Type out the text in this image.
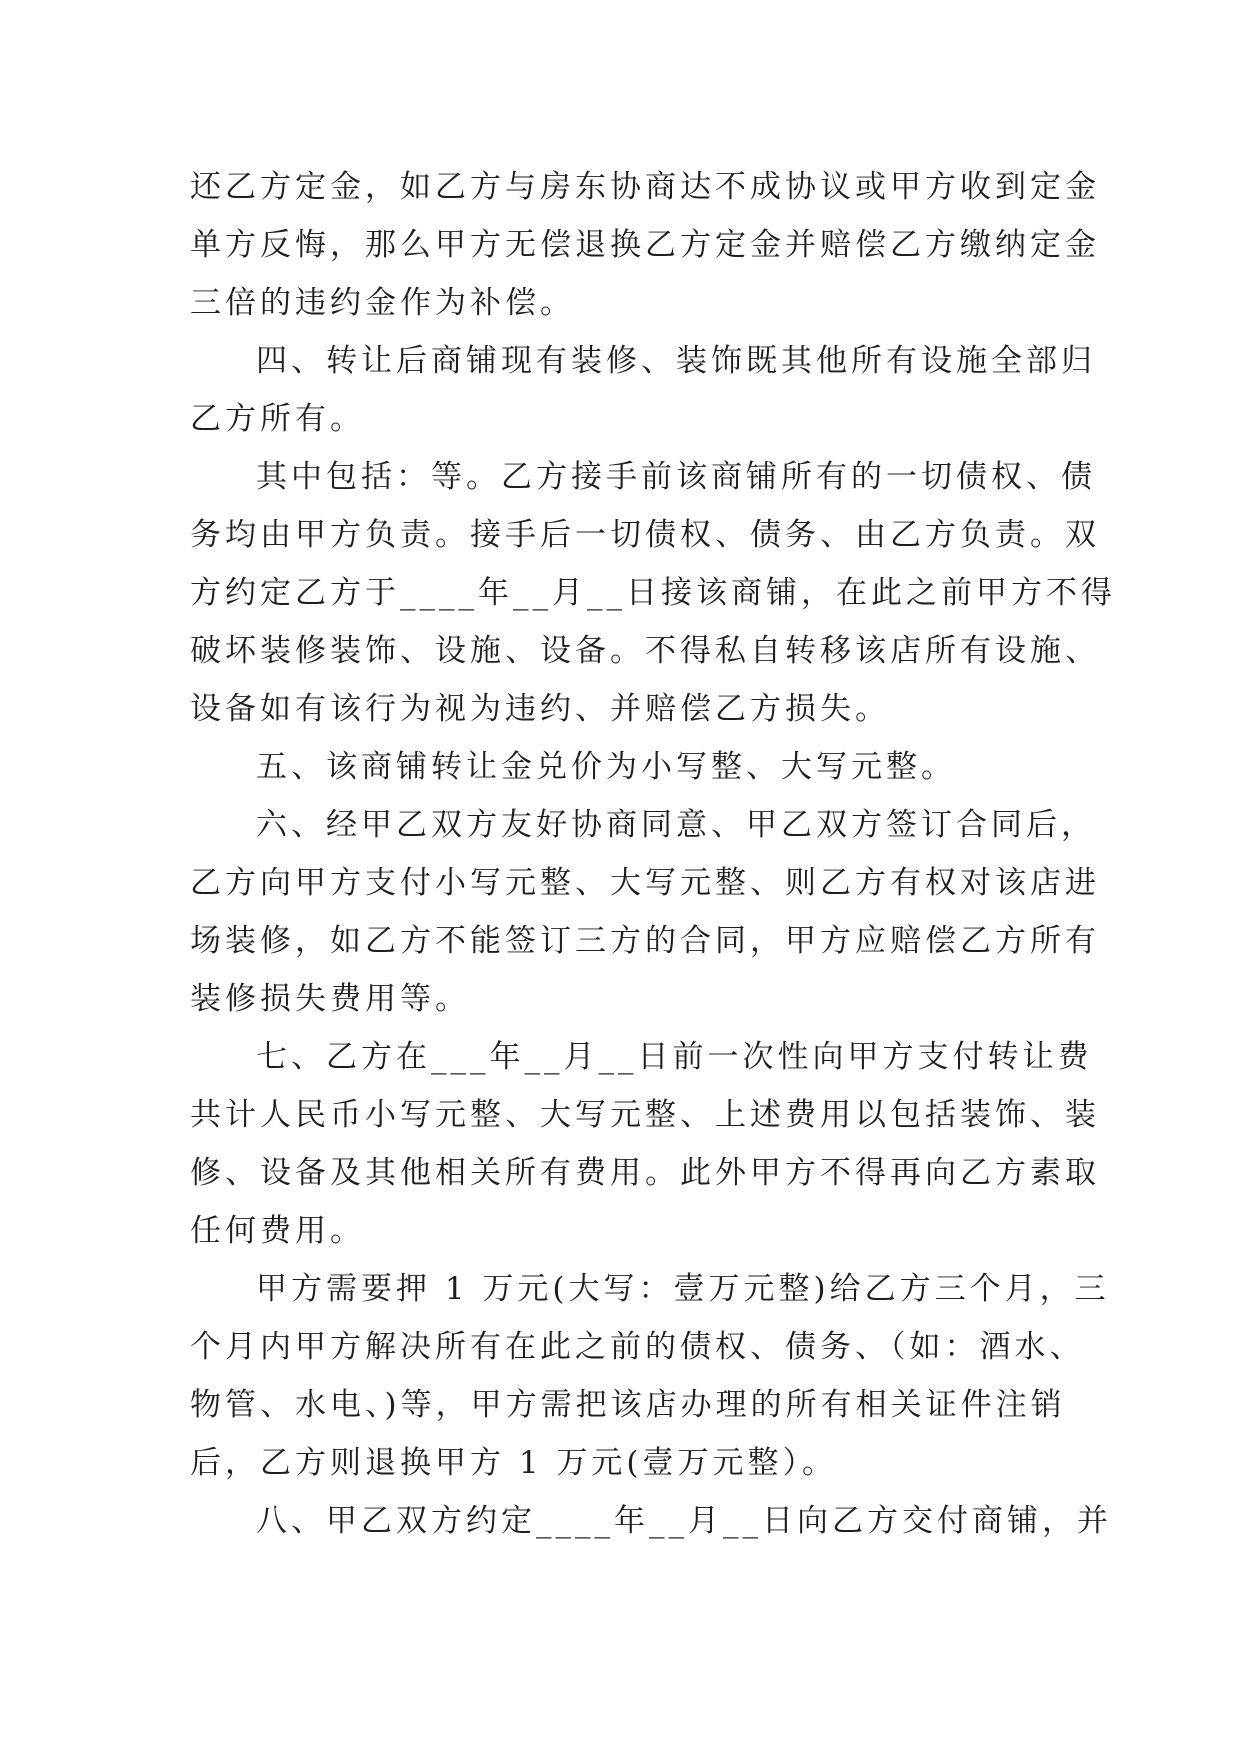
还乙方定金，如乙方与房东协商达不成协议或甲方收到定金
单方反悔，那么甲方无偿退换乙方定金并赔偿乙方缴纳定金
三倍的违约金作为补偿。
四、转让后商铺现有装修、装饰既其他所有设施全部归
乙方所有。
其中包括：等。乙方接手前该商铺所有的一切债权、债
务均由甲方负责。接手后一切债权、债务、由乙方负责。双
方约定乙方于____年__月__日接该商铺，在此之前甲方不得
破坏装修装饰、设施、设备。不得私自转移该店所有设施、
设备如有该行为视为违约、并赔偿乙方损失。
五、该商铺转让金兑价为小写整、大写元整。
六、经甲乙双方友好协商同意、甲乙双方签订合同后，
乙方向甲方支付小写元整、大写元整、则乙方有权对该店进
场装修，如乙方不能签订三方的合同，甲方应赔偿乙方所有
装修损失费用等。
七、乙方在___年__月__日前一次性向甲方支付转让费
共计人民币小写元整、大写元整、上述费用以包括装饰、装
修、设备及其他相关所有费用。此外甲方不得再向乙方素取
任何费用。
甲方需要押 1 万元(大写：壹万元整)给乙方三个月，三
个月内甲方解决所有在此之前的债权、债务、（如：酒水、
物管、水电、)等，甲方需把该店办理的所有相关证件注销
后，乙方则退换甲方 1 万元(壹万元整）。
八、甲乙双方约定____年__月__日向乙方交付商铺，并
